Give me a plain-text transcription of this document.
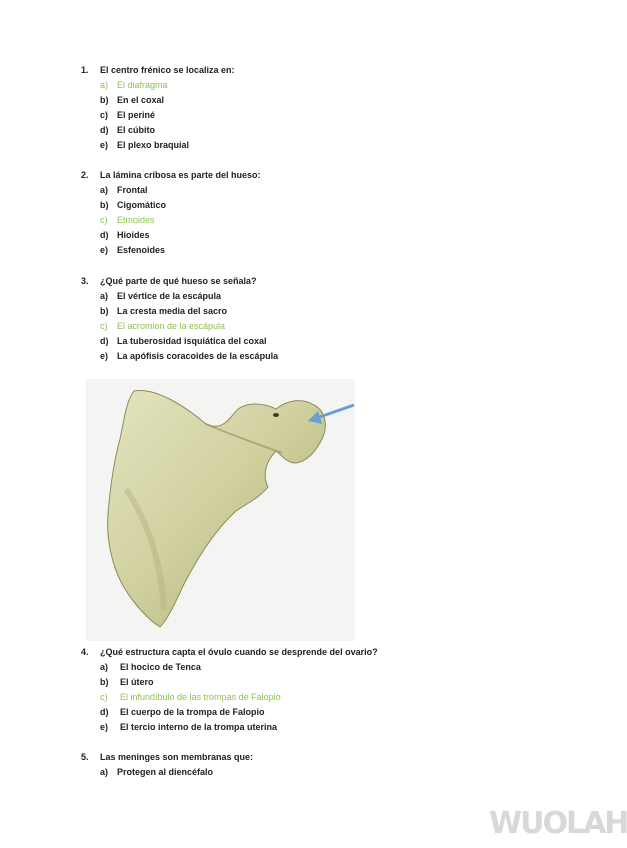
1.	El centro frénico se localiza en:
a) El diafragma
b) En el coxal
c) El periné
d) El cúbito
e) El plexo braquial
2.	La lámina cribosa es parte del hueso:
a) Frontal
b) Cigomático
c)	Etmoides
d) Hioides
e) Esfenoides
3.	¿Qué parte de qué hueso se señala?
a) El vértice de la escápula
b) La cresta media del sacro
c)	El acromion de la escápula
d) La tuberosidad isquiática del coxal
e) La apófisis coracoides de la escápula
4.	¿Qué estructura capta el óvulo cuando se desprende del ovario?
a)	El hocico de Tenca
b)	El útero
c)	El infundíbulo de las trompas de Falopio
d)	El cuerpo de la trompa de Falopio
e)	El tercio interno de la trompa uterina
5.	Las meninges son membranas que:
a) Protegen al diencéfalo
WUOLAH
